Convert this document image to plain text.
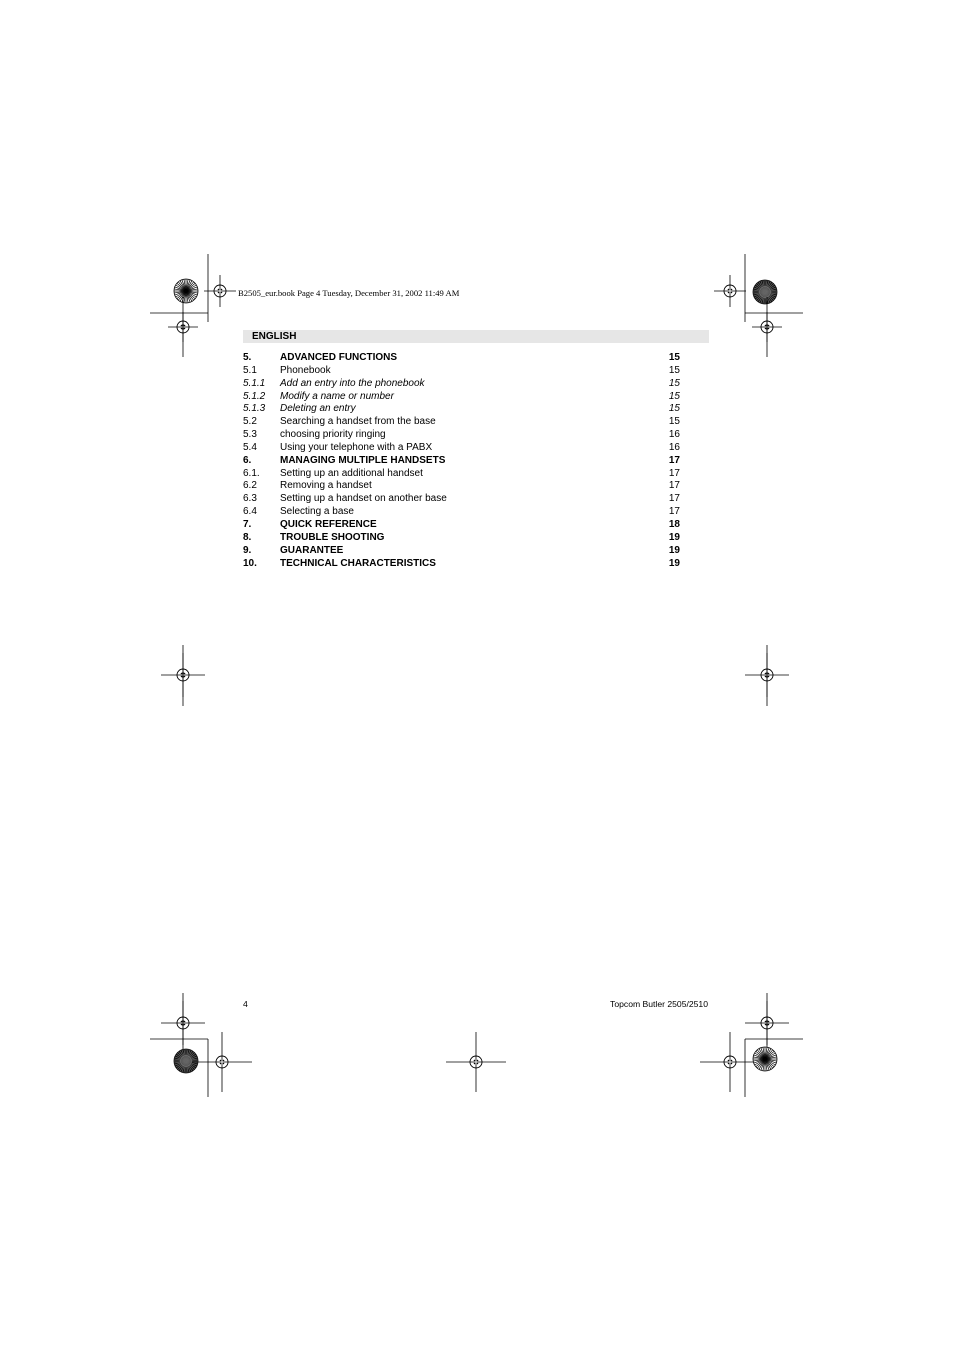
B2505_eur.book Page 4 Tuesday, December 31, 2002 11:49 AM
ENGLISH
5.	ADVANCED FUNCTIONS	15
5.1 Phonebook	15
5.1.1 Add an entry into the phonebook	15
5.1.2 Modify a name or number	15
5.1.3 Deleting an entry	15
5.2 Searching a handset from the base	15
5.3 choosing priority ringing	16
5.4 Using your telephone with a PABX	16
6.	MANAGING MULTIPLE HANDSETS	17
6.1. Setting up an additional handset	17
6.2 Removing a handset	17
6.3 Setting up a handset on another base	17
6.4 Selecting a base	17
7.	QUICK REFERENCE	18
8.	TROUBLE SHOOTING	19
9.	GUARANTEE	19
10. TECHNICAL CHARACTERISTICS	19
4	Topcom Butler 2505/2510
